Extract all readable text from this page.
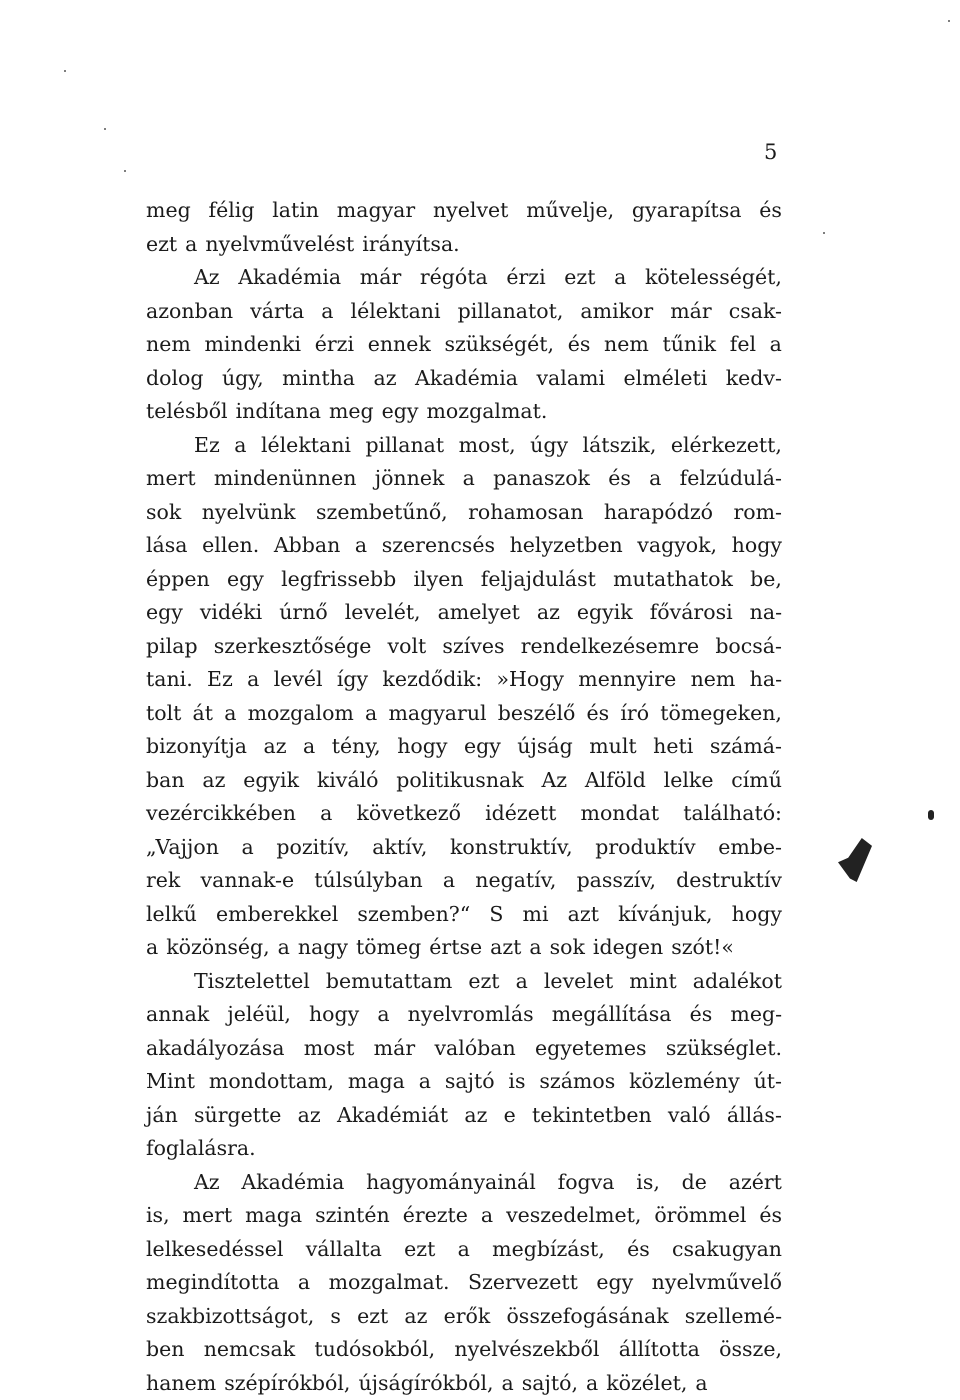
5
meg félig latin magyar nyelvet művelje, gyarapítsa és
ezt a nyelvművelést irányítsa.
Az Akadémia már régóta érzi ezt a kötelességét,
azonban várta a lélektani pillanatot, amikor már csak-
nem mindenki érzi ennek szükségét, és nem tűnik fel a
dolog úgy, mintha az Akadémia valami elméleti kedv-
telésből indítana meg egy mozgalmat.
Ez a lélektani pillanat most, úgy látszik, elérkezett,
mert mindenünnen jönnek a panaszok és a felzúdulá-
sok nyelvünk szembetűnő, rohamosan harapódzó rom-
lása ellen. Abban a szerencsés helyzetben vagyok, hogy
éppen egy legfrissebb ilyen feljajdulást mutathatok be,
egy vidéki úrnő levelét, amelyet az egyik fővárosi na-
pilap szerkesztősége volt szíves rendelkezésemre bocsá-
tani. Ez a levél így kezdődik: »Hogy mennyire nem ha-
tolt át a mozgalom a magyarul beszélő és író tömegeken,
bizonyítja az a tény, hogy egy újság mult heti számá-
ban az egyik kiváló politikusnak Az Alföld lelke című
vezércikkében a következő idézett mondat található:
„Vajjon a pozitív, aktív, konstruktív, produktív embe-
rek vannak-e túlsúlyban a negatív, passzív, destruktív
lelkű emberekkel szemben?“ S mi azt kívánjuk, hogy
a közönség, a nagy tömeg értse azt a sok idegen szót!«
Tisztelettel bemutattam ezt a levelet mint adalékot
annak jeléül, hogy a nyelvromlás megállítása és meg-
akadályozása most már valóban egyetemes szükséglet.
Mint mondottam, maga a sajtó is számos közlemény út-
ján sürgette az Akadémiát az e tekintetben való állás-
foglalásra.
Az Akadémia hagyományainál fogva is, de azért
is, mert maga szintén érezte a veszedelmet, örömmel és
lelkesedéssel vállalta ezt a megbízást, és csakugyan
megindította a mozgalmat. Szervezett egy nyelvművelő
szakbizottságot, s ezt az erők összefogásának szellemé-
ben nemcsak tudósokból, nyelvészekből állította össze,
hanem szépírókból, újságírókból, a sajtó, a közélet, a
